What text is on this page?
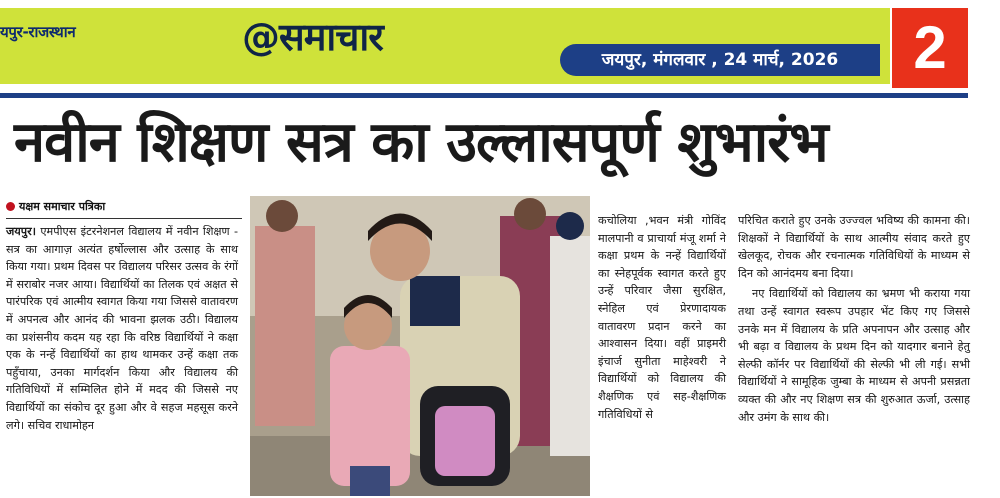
यपुर-राजस्थान	@समाचार
जयपुर, मंगलवार , 24 मार्च, 2026	2
नवीन शिक्षण सत्र का उल्लासपूर्ण शुभारंभ
यक्षम समाचार पत्रिका

जयपुर। एमपीएस इंटरनेशनल विद्यालय में नवीन शिक्षण - सत्र का आगाज़ अत्यंत हर्षोल्लास और उत्साह के साथ किया गया। प्रथम दिवस पर विद्यालय परिसर उत्सव के रंगों में सराबोर नजर आया। विद्यार्थियों का तिलक एवं अक्षत से पारंपरिक एवं आत्मीय स्वागत किया गया जिससे वातावरण में अपनत्व और आनंद की भावना झलक उठी। विद्यालय का प्रशंसनीय कदम यह रहा कि वरिष्ठ विद्यार्थियों ने कक्षा एक के नन्हें विद्यार्थियों का हाथ थामकर उन्हें कक्षा तक पहुँचाया, उनका मार्गदर्शन किया और विद्यालय की गतिविधियों में सम्मिलित होने में मदद की जिससे नए विद्यार्थियों का संकोच दूर हुआ और वे सहज महसूस करने लगे। सचिव राधामोहन

कचोलिया ,भवन मंत्री गोविंद मालपानी व प्राचार्या मंजू शर्मा ने कक्षा प्रथम के नन्हें विद्यार्थियों का स्नेहपूर्वक स्वागत करते हुए उन्हें परिवार जैसा सुरक्षित, स्नेहिल एवं प्रेरणादायक वातावरण प्रदान करने का आश्वासन दिया। वहीं प्राइमरी इंचार्ज सुनीता माहेश्वरी ने विद्यार्थियों को विद्यालय की शैक्षणिक एवं सह-शैक्षणिक गतिविधियों से

परिचित कराते हुए उनके उज्ज्वल भविष्य की कामना की।शिक्षकों ने विद्यार्थियों के साथ आत्मीय संवाद करते हुए खेलकूद, रोचक और रचनात्मक गतिविधियों के माध्यम से दिन को आनंदमय बना दिया।

नए विद्यार्थियों को विद्यालय का भ्रमण भी कराया गया तथा उन्हें स्वागत स्वरूप उपहार भेंट किए गए जिससे उनके मन में विद्यालय के प्रति अपनापन और उत्साह और भी बढ़ा व विद्यालय के प्रथम दिन को यादगार बनाने हेतु सेल्फी कॉर्नर पर विद्यार्थियों की सेल्फी भी ली गई। सभी विद्यार्थियों ने सामूहिक जुम्बा के माध्यम से अपनी प्रसन्नता व्यक्त की और नए शिक्षण सत्र की शुरुआत ऊर्जा, उत्साह और उमंग के साथ की।
